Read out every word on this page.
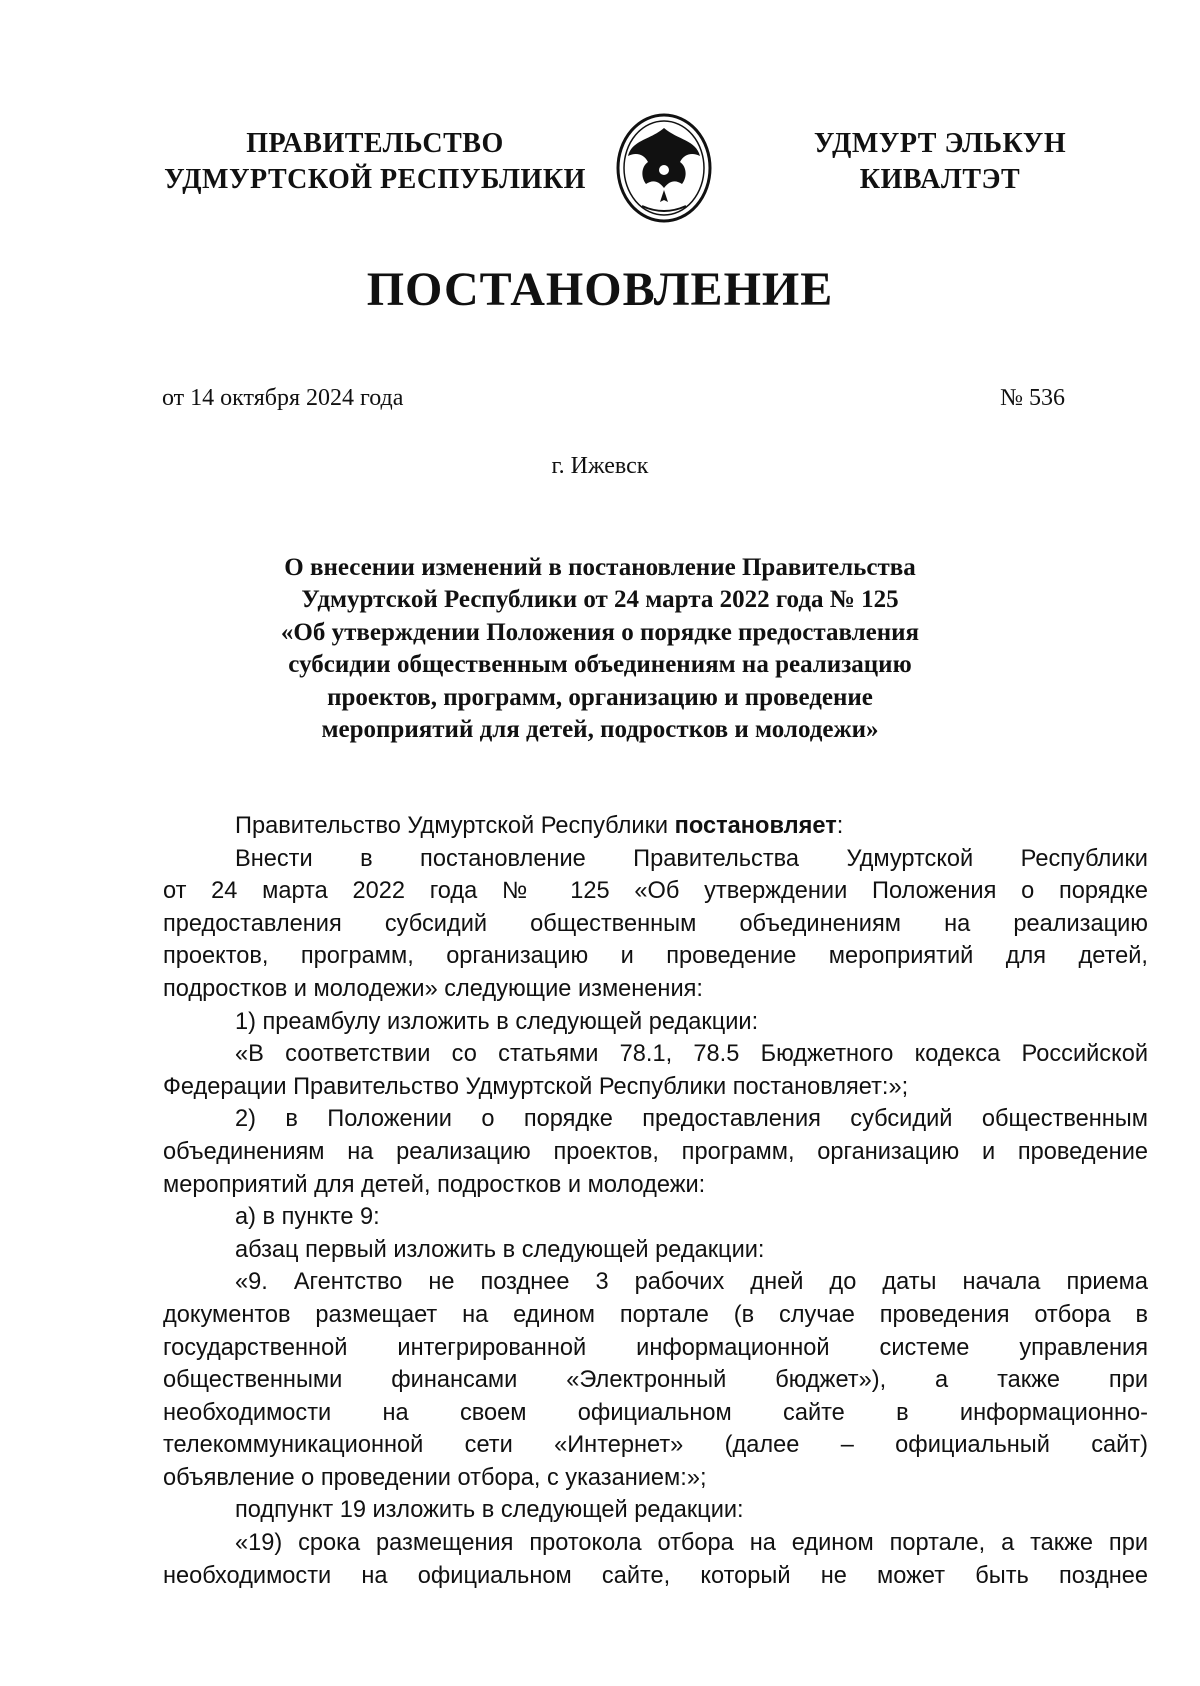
ПРАВИТЕЛЬСТВО
УДМУРТСКОЙ РЕСПУБЛИКИ
УДМУРТ ЭЛЬКУН
КИВАЛТЭТ
ПОСТАНОВЛЕНИЕ
от 14 октября 2024 года	№ 536
г. Ижевск
О внесении изменений в постановление Правительства
Удмуртской Республики от 24 марта 2022 года № 125
«Об утверждении Положения о порядке предоставления
субсидии общественным объединениям на реализацию
проектов, программ, организацию и проведение
мероприятий для детей, подростков и молодежи»
Правительство Удмуртской Республики постановляет:
Внести в постановление Правительства Удмуртской Республики
от 24 марта 2022 года № 125 «Об утверждении Положения о порядке
предоставления субсидий общественным объединениям на реализацию
проектов, программ, организацию и проведение мероприятий для детей,
подростков и молодежи» следующие изменения:
1) преамбулу изложить в следующей редакции:
«В соответствии со статьями 78.1, 78.5 Бюджетного кодекса Российской
Федерации Правительство Удмуртской Республики постановляет:»;
2) в Положении о порядке предоставления субсидий общественным
объединениям на реализацию проектов, программ, организацию и проведение
мероприятий для детей, подростков и молодежи:
а) в пункте 9:
абзац первый изложить в следующей редакции:
«9. Агентство не позднее 3 рабочих дней до даты начала приема
документов размещает на едином портале (в случае проведения отбора в
государственной интегрированной информационной системе управления
общественными финансами «Электронный бюджет»), а также при
необходимости на своем официальном сайте в информационно-
телекоммуникационной сети «Интернет» (далее – официальный сайт)
объявление о проведении отбора, с указанием:»;
подпункт 19 изложить в следующей редакции:
«19) срока размещения протокола отбора на едином портале, а также при
необходимости на официальном сайте, который не может быть позднее
